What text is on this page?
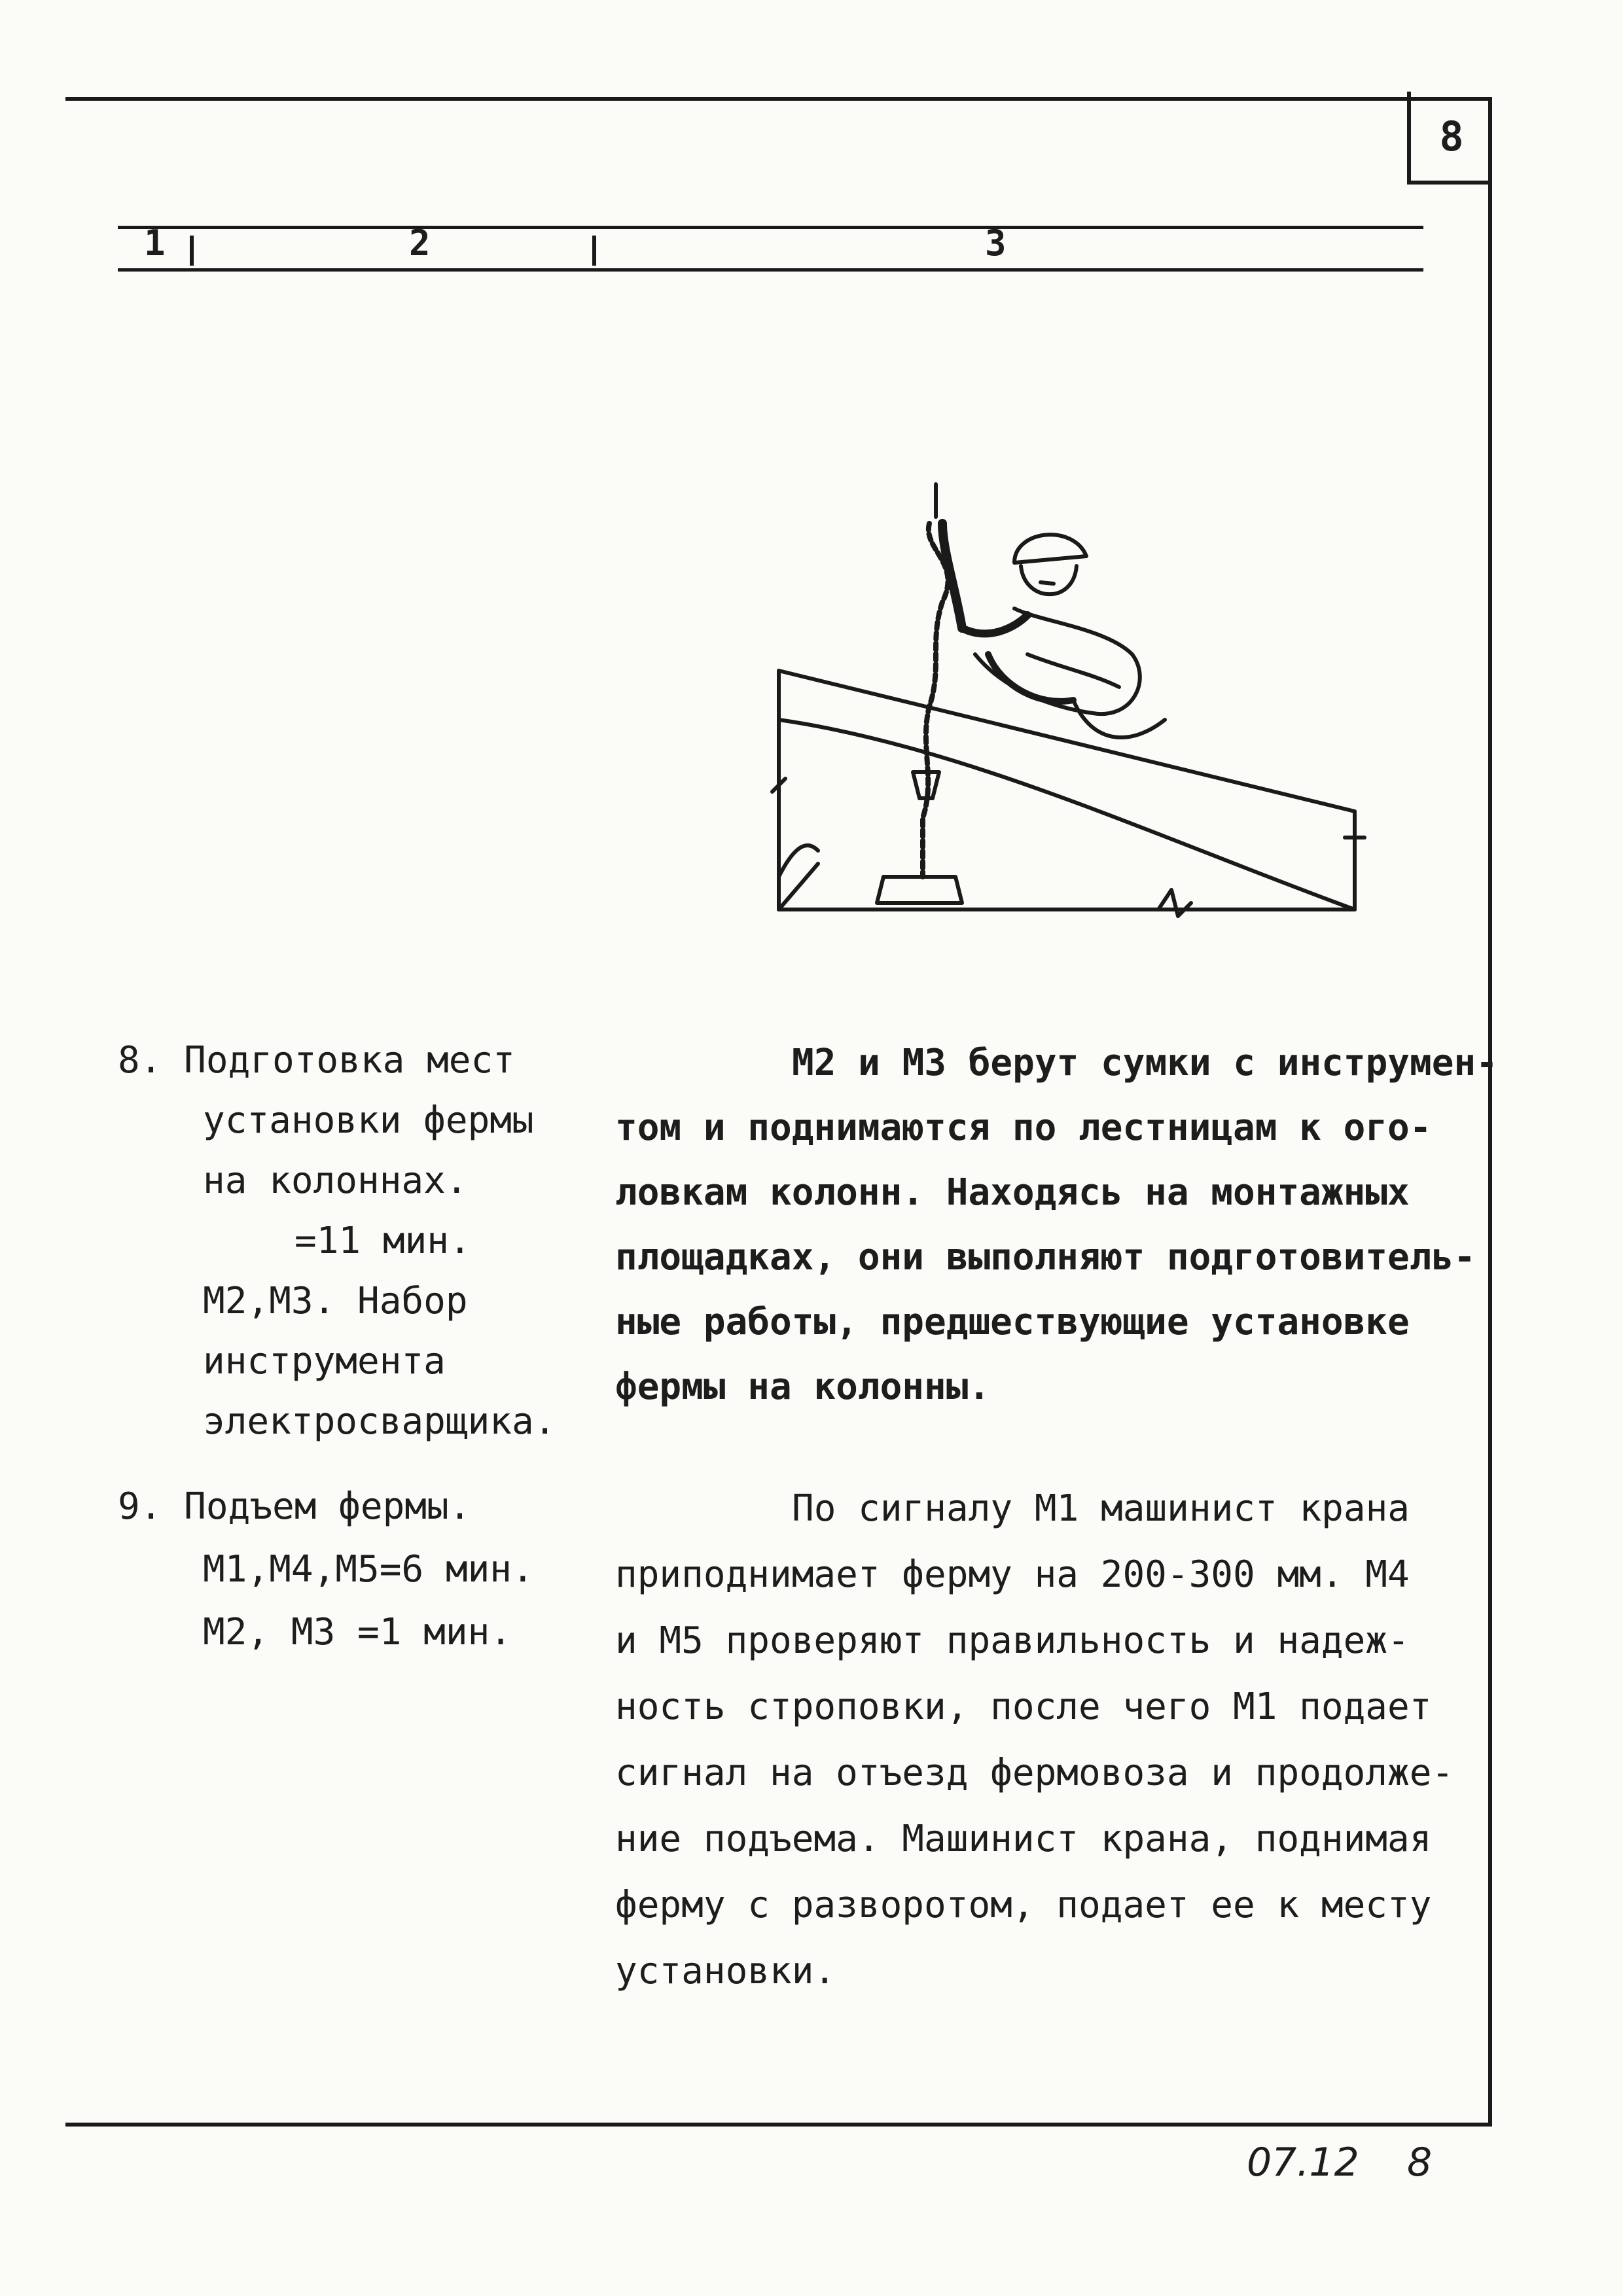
8
1	2	3
8. Подготовка мест
установки фермы
на колоннах.
=11 мин.
М2,М3. Набор
инструмента
электросварщика.
М2 и М3 берут сумки с инструмен-
том и поднимаются по лестницам к ого-
ловкам колонн. Находясь на монтажных
площадках, они выполняют подготовитель-
ные работы, предшествующие установке
фермы на колонны.
9. Подъем фермы.
М1,М4,М5=6 мин.
М2, М3 =1 мин.
По сигналу М1 машинист крана
приподнимает ферму на 200-300 мм. М4
и М5 проверяют правильность и надеж-
ность строповки, после чего М1 подает
сигнал на отъезд фермовоза и продолже-
ние подъема. Машинист крана, поднимая
ферму с разворотом, подает ее к месту
установки.
07.12 8
